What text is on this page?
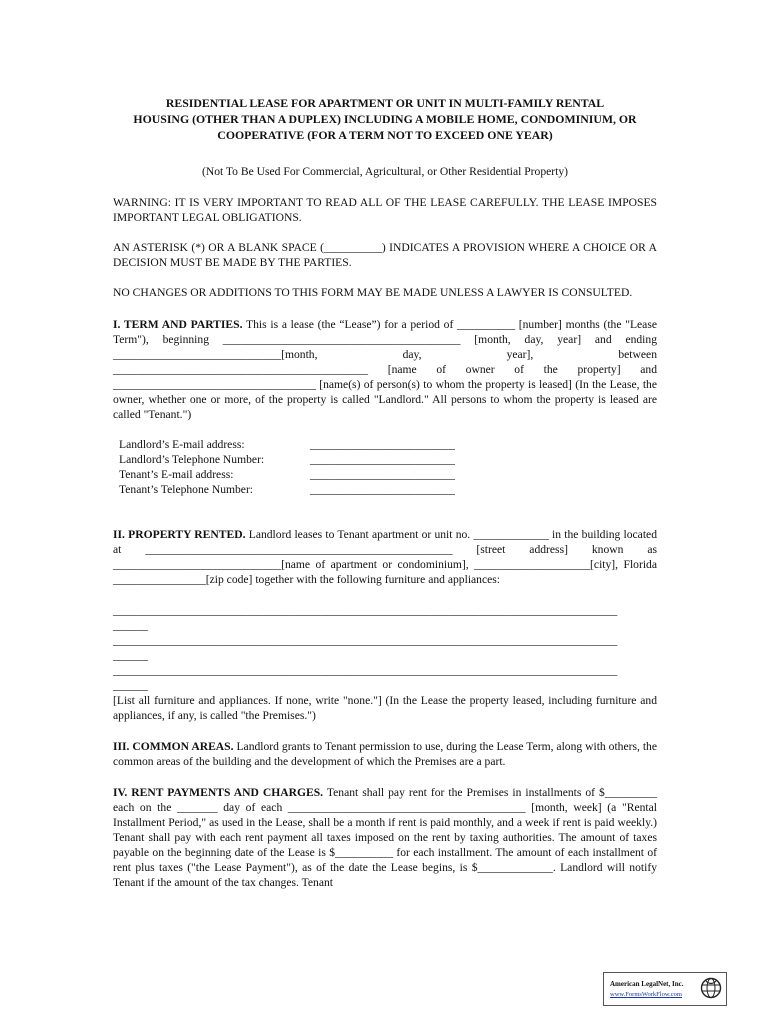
RESIDENTIAL LEASE FOR APARTMENT OR UNIT IN MULTI-FAMILY RENTAL

HOUSING (OTHER THAN A DUPLEX) INCLUDING A MOBILE HOME, CONDOMINIUM, OR

COOPERATIVE (FOR A TERM NOT TO EXCEED ONE YEAR)

(Not To Be Used For Commercial, Agricultural, or Other Residential Property)

WARNING: IT IS VERY IMPORTANT TO READ ALL OF THE LEASE CAREFULLY. THE LEASE IMPOSES IMPORTANT LEGAL OBLIGATIONS.

AN ASTERISK (*) OR A BLANK SPACE (__________) INDICATES A PROVISION WHERE A CHOICE OR A DECISION MUST BE MADE BY THE PARTIES.

NO CHANGES OR ADDITIONS TO THIS FORM MAY BE MADE UNLESS A LAWYER IS CONSULTED.

I. TERM AND PARTIES. This is a lease (the “Lease”) for a period of __________ [number] months (the "Lease Term"), beginning _________________________________________ [month, day, year] and ending _____________________________[month, day, year], between ____________________________________________ [name of owner of the property] and ___________________________________ [name(s) of person(s) to whom the property is leased] (In the Lease, the owner, whether one or more, of the property is called "Landlord." All persons to whom the property is leased are called "Tenant.")

Landlord’s E-mail address:	_________________________
Landlord’s Telephone Number:	_________________________
Tenant’s E-mail address:	_________________________
Tenant’s Telephone Number:	_________________________

II. PROPERTY RENTED. Landlord leases to Tenant apartment or unit no. _____________ in the building located at _____________________________________________________ [street address] known as _____________________________[name of apartment or condominium], ____________________[city], Florida ________________[zip code] together with the following furniture and appliances:

_______________________________________________________________________________________
______
_______________________________________________________________________________________
______
_______________________________________________________________________________________
______

[List all furniture and appliances. If none, write "none."] (In the Lease the property leased, including furniture and appliances, if any, is called "the Premises.")

III. COMMON AREAS. Landlord grants to Tenant permission to use, during the Lease Term, along with others, the common areas of the building and the development of which the Premises are a part.

IV. RENT PAYMENTS AND CHARGES. Tenant shall pay rent for the Premises in installments of $_________ each on the _______ day of each _________________________________________ [month, week] (a "Rental Installment Period," as used in the Lease, shall be a month if rent is paid monthly, and a week if rent is paid weekly.) Tenant shall pay with each rent payment all taxes imposed on the rent by taxing authorities. The amount of taxes payable on the beginning date of the Lease is $__________ for each installment. The amount of each installment of rent plus taxes ("the Lease Payment"), as of the date the Lease begins, is $_____________. Landlord will notify Tenant if the amount of the tax changes. Tenant

American LegalNet, Inc.
www.FormsWorkFlow.com
